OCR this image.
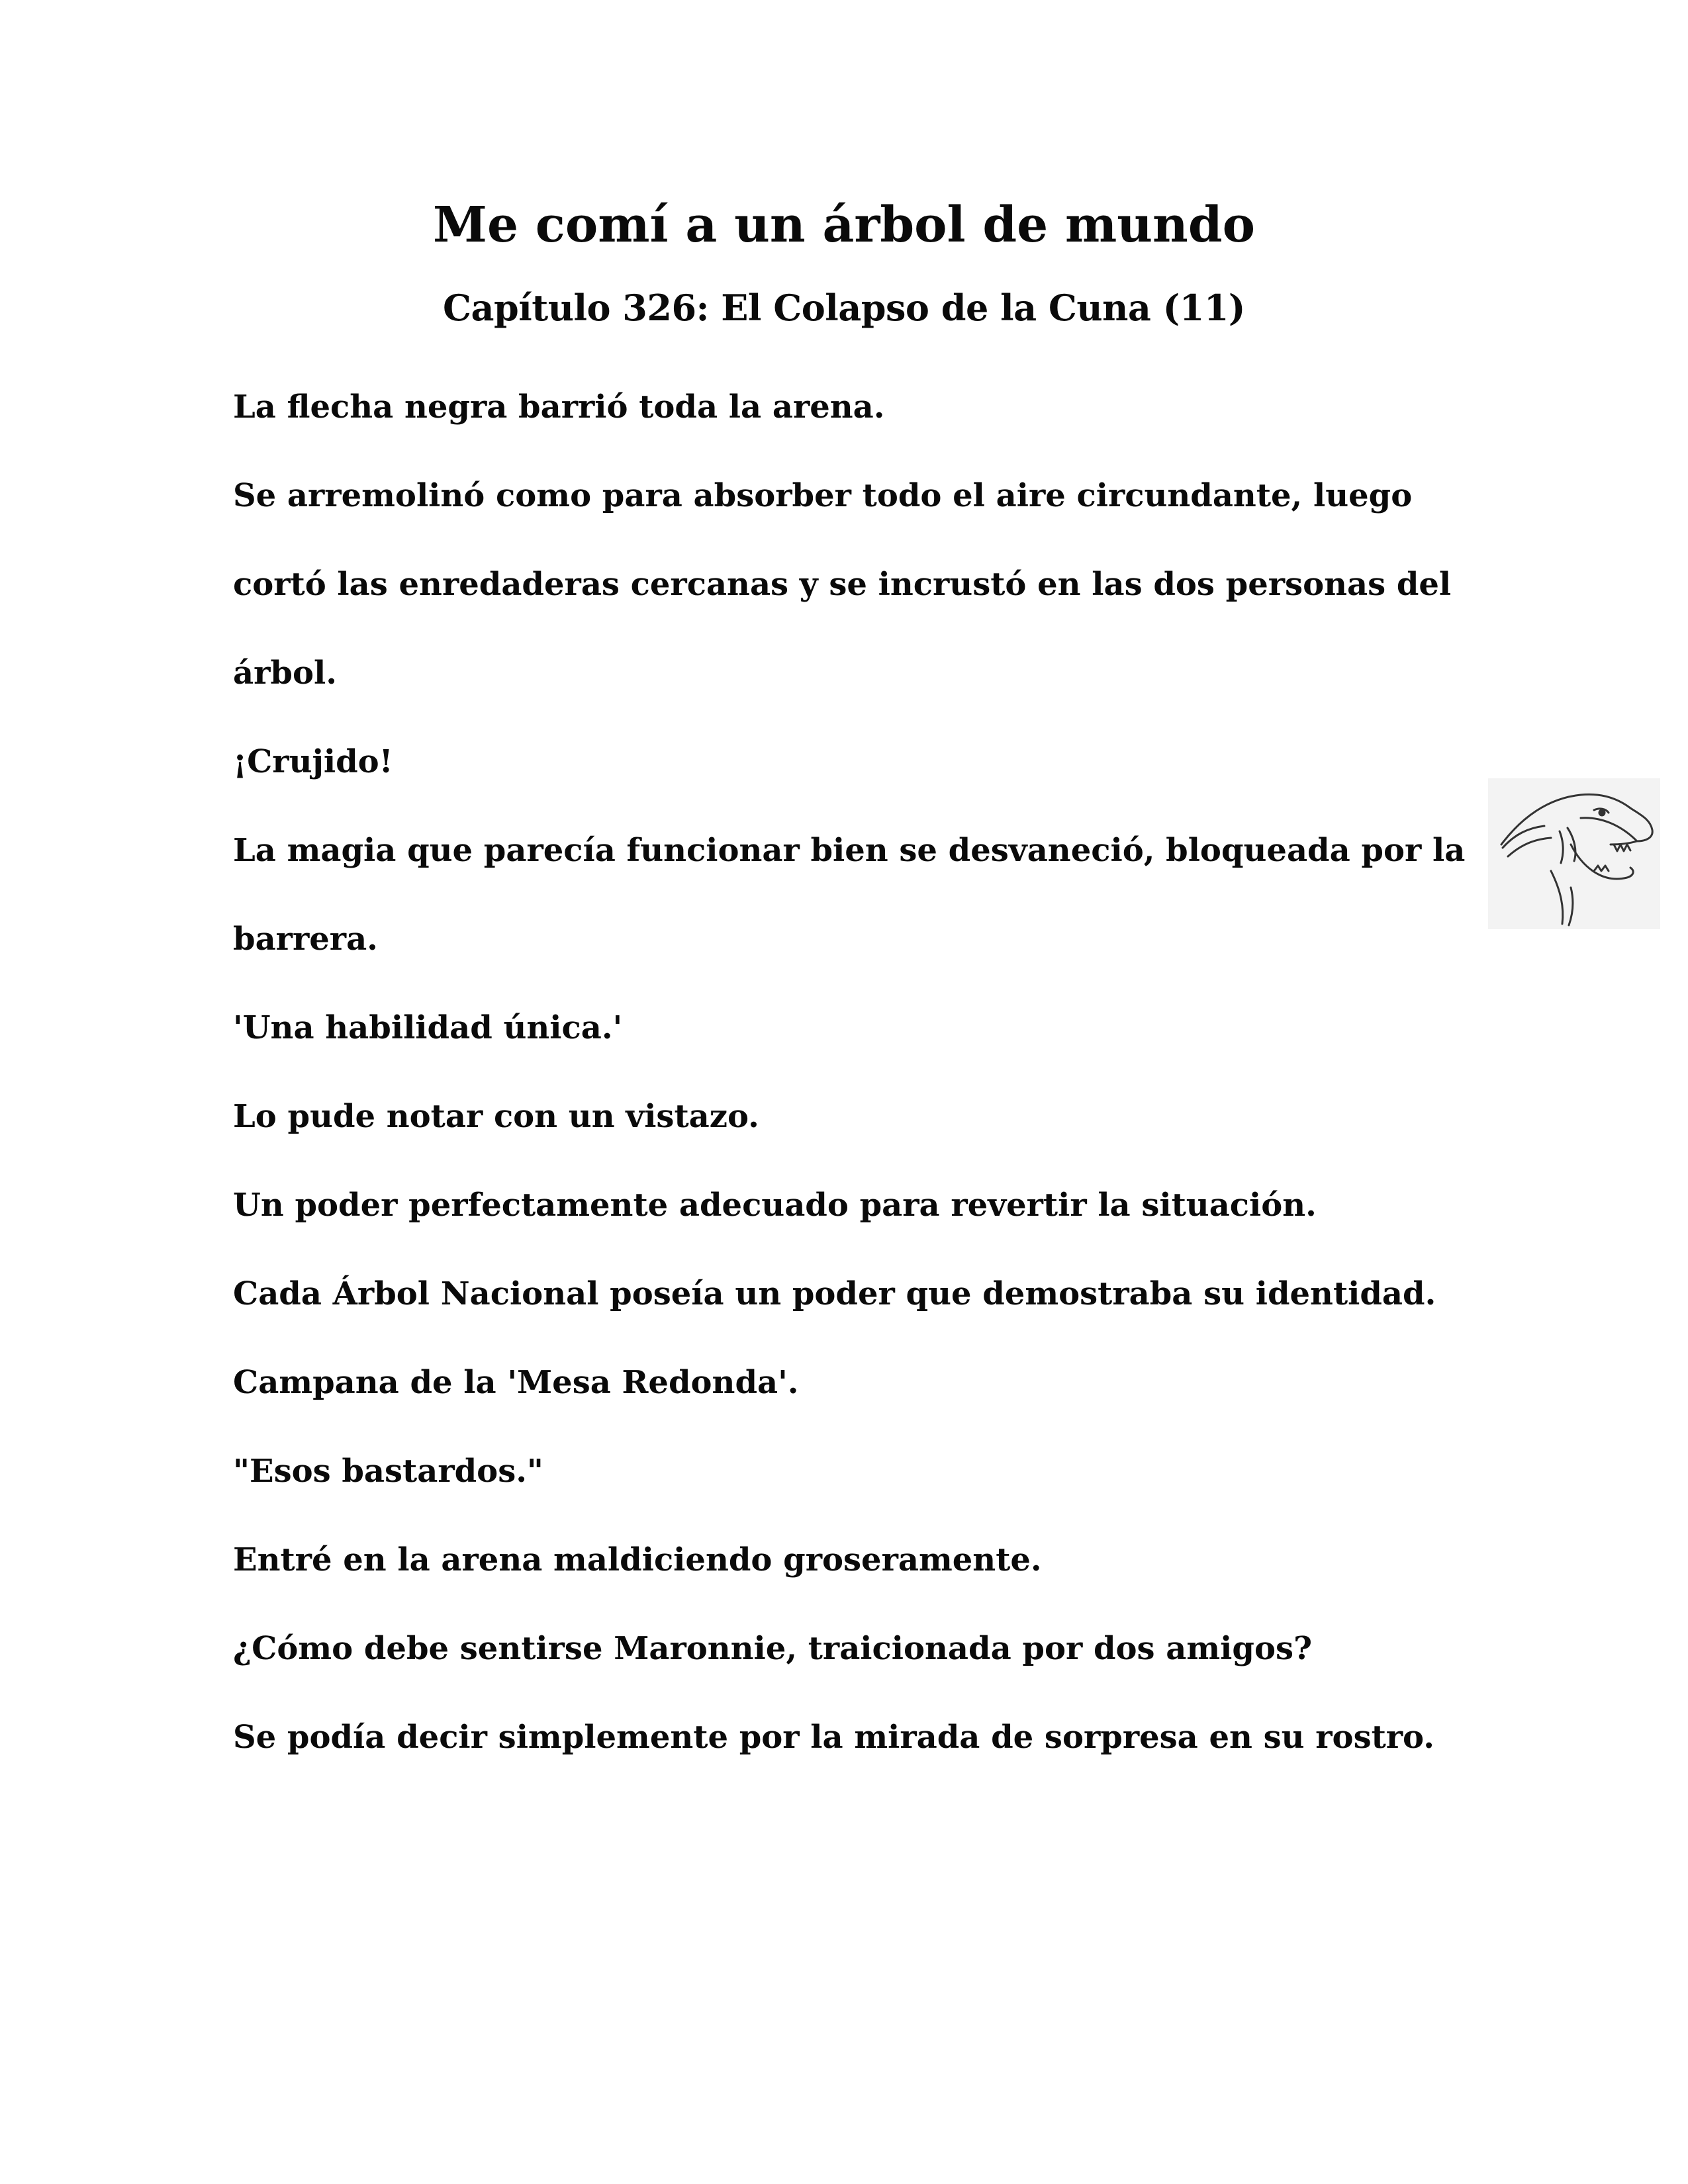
Me comí a un árbol de mundo
Capítulo 326: El Colapso de la Cuna (11)

La flecha negra barrió toda la arena.

Se arremolinó como para absorber todo el aire circundante, luego cortó las enredaderas cercanas y se incrustó en las dos personas del árbol.

¡Crujido!

La magia que parecía funcionar bien se desvaneció, bloqueada por la barrera.

'Una habilidad única.'

Lo pude notar con un vistazo.

Un poder perfectamente adecuado para revertir la situación.

Cada Árbol Nacional poseía un poder que demostraba su identidad.

Campana de la 'Mesa Redonda'.

"Esos bastardos."

Entré en la arena maldiciendo groseramente.

¿Cómo debe sentirse Maronnie, traicionada por dos amigos?

Se podía decir simplemente por la mirada de sorpresa en su rostro.
